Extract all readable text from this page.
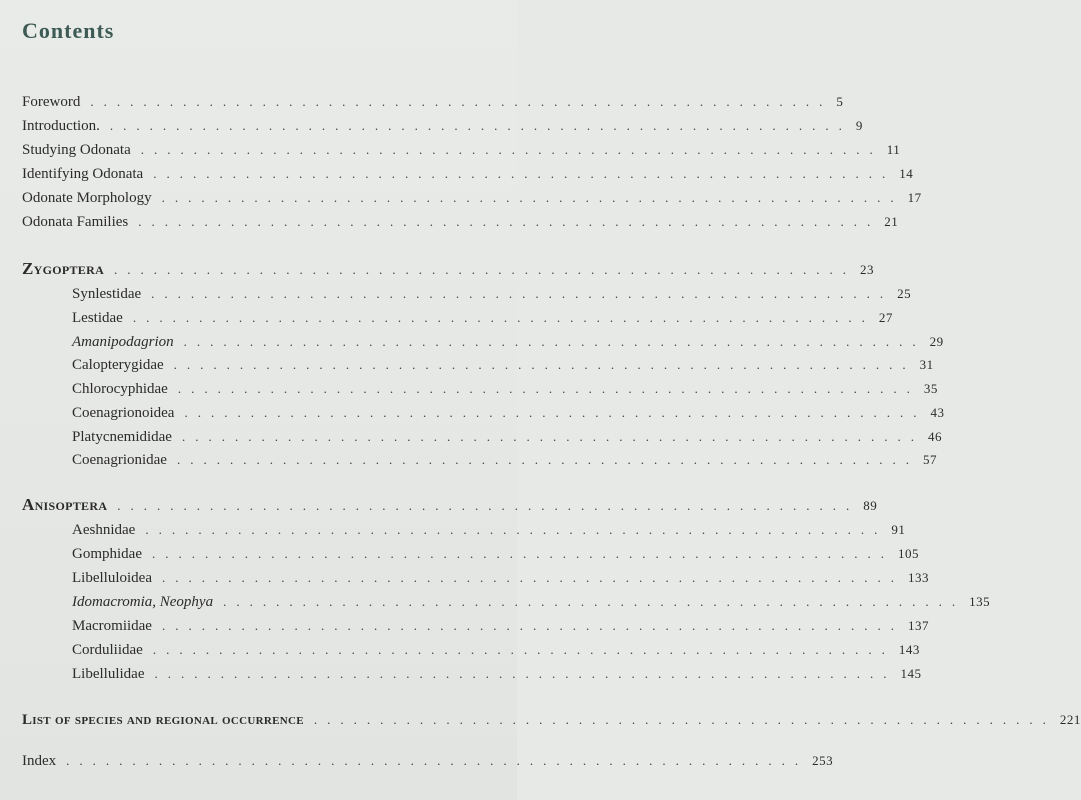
Contents
Foreword ........................................................ 5
Introduction. ........................................................ 9
Studying Odonata ........................................................ 11
Identifying Odonata ........................................................ 14
Odonate Morphology ........................................................ 17
Odonata Families ........................................................ 21
Zygoptera ........................................................ 23
Synlestidae ........................................................ 25
Lestidae ........................................................ 27
Amanipodagrion ........................................................ 29
Calopterygidae ........................................................ 31
Chlorocyphidae ........................................................ 35
Coenagrionoidea ........................................................ 43
Platycnemididae ........................................................ 46
Coenagrionidae ........................................................ 57
Anisoptera ........................................................ 89
Aeshnidae ........................................................ 91
Gomphidae ........................................................ 105
Libelluloidea ........................................................ 133
Idomacromia, Neophya ........................................................ 135
Macromiidae ........................................................ 137
Corduliidae ........................................................ 143
Libellulidae ........................................................ 145
List of species and regional occurrence ........................................................ 221
Index ........................................................ 253
